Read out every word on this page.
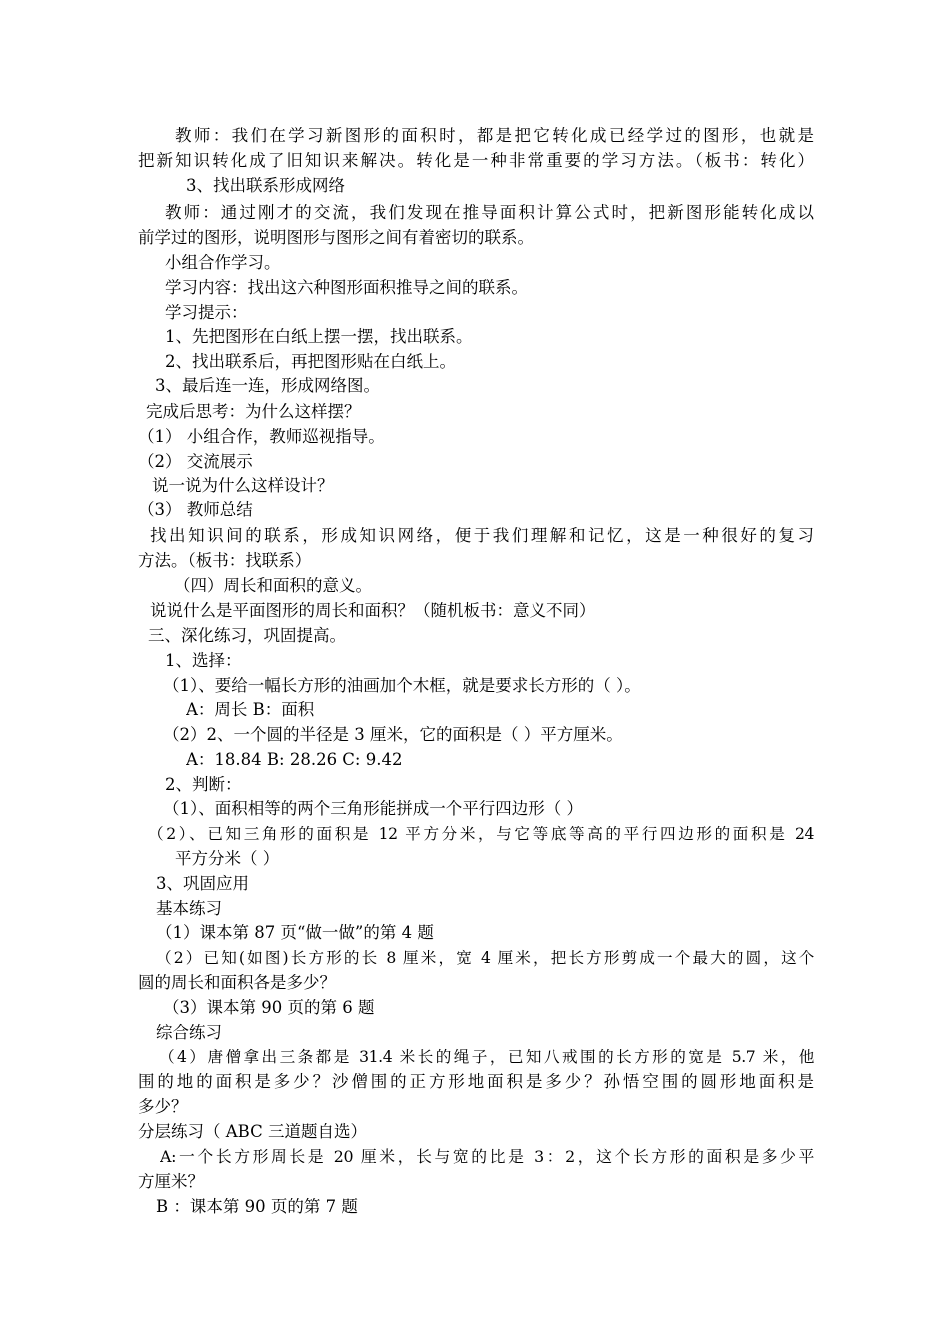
教师：我们在学习新图形的面积时，都是把它转化成已经学过的图形，也就是
把新知识转化成了旧知识来解决。转化是一种非常重要的学习方法。（板书：转化）
3、找出联系形成网络
教师：通过刚才的交流，我们发现在推导面积计算公式时，把新图形能转化成以
前学过的图形，说明图形与图形之间有着密切的联系。
小组合作学习。
学习内容：找出这六种图形面积推导之间的联系。
学习提示：
1、先把图形在白纸上摆一摆，找出联系。
2、找出联系后，再把图形贴在白纸上。
3、最后连一连，形成网络图。
完成后思考：为什么这样摆？
（1） 小组合作，教师巡视指导。
（2） 交流展示
说一说为什么这样设计？
（3） 教师总结
找出知识间的联系，形成知识网络，便于我们理解和记忆，这是一种很好的复习
方法。（板书：找联系）
（四）周长和面积的意义。
说说什么是平面图形的周长和面积？（随机板书：意义不同）
三、深化练习，巩固提高。
1、选择：
（1）、要给一幅长方形的油画加个木框，就是要求长方形的（ ）。
A：周长 B：面积
（2）2、一个圆的半径是 3 厘米，它的面积是（ ）平方厘米。
A：18.84 B: 28.26 C: 9.42
2、判断：
（1）、面积相等的两个三角形能拼成一个平行四边形（ ）
（2）、已知三角形的面积是 12 平方分米，与它等底等高的平行四边形的面积是 24
平方分米（ ）
3、巩固应用
基本练习
（1）课本第 87 页“做一做”的第 4 题
（2）已知(如图)长方形的长 8 厘米，宽 4 厘米，把长方形剪成一个最大的圆，这个
圆的周长和面积各是多少？
（3）课本第 90 页的第 6 题
综合练习
（4）唐僧拿出三条都是 31.4 米长的绳子，已知八戒围的长方形的宽是 5.7 米，他
围的地的面积是多少？沙僧围的正方形地面积是多少？孙悟空围的圆形地面积是
多少？
分层练习（ ABC 三道题自选）
A:一个长方形周长是 20 厘米，长与宽的比是 3：2，这个长方形的面积是多少平
方厘米？
B ：课本第 90 页的第 7 题
